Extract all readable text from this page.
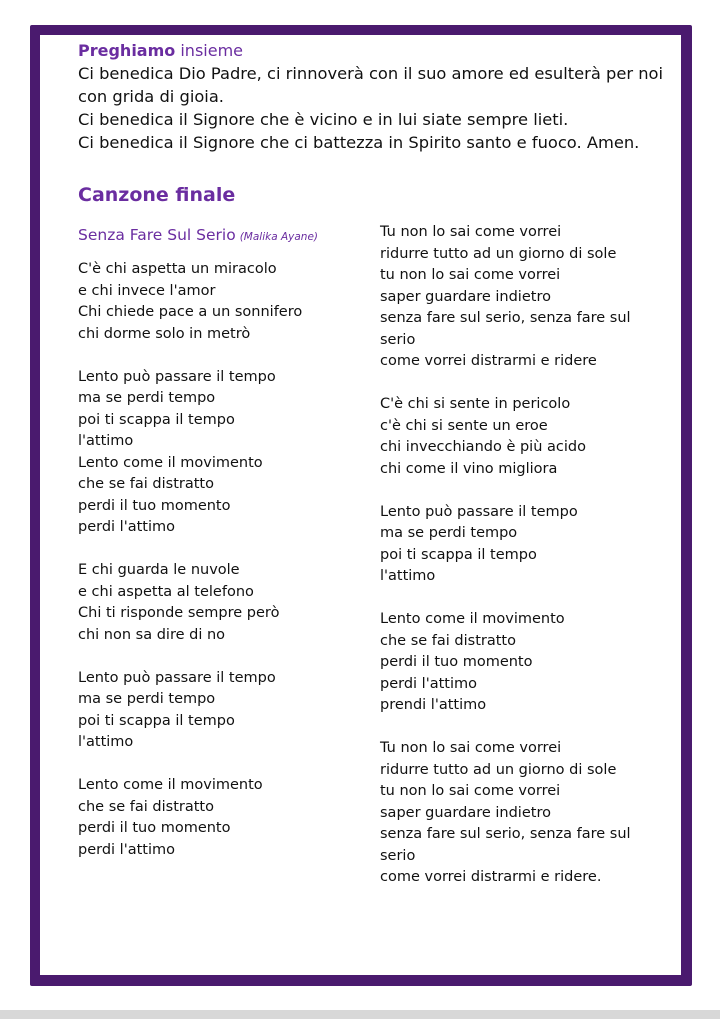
Preghiamo insieme

Ci benedica Dio Padre, ci rinnoverà con il suo amore ed esulterà per noi

con grida di gioia.

Ci benedica il Signore che è vicino e in lui siate sempre lieti.

Ci benedica il Signore che ci battezza in Spirito santo e fuoco. Amen.

Canzone finale
Senza Fare Sul Serio (Malika Ayane)
C'è chi aspetta un miracolo
e chi invece l'amor
Chi chiede pace a un sonnifero
chi dorme solo in metrò
Lento può passare il tempo
ma se perdi tempo
poi ti scappa il tempo
l'attimo
Lento come il movimento
che se fai distratto
perdi il tuo momento
perdi l'attimo
E chi guarda le nuvole
e chi aspetta al telefono
Chi ti risponde sempre però
chi non sa dire di no
Lento può passare il tempo
ma se perdi tempo
poi ti scappa il tempo
l'attimo
Lento come il movimento
che se fai distratto
perdi il tuo momento
perdi l'attimo
Tu non lo sai come vorrei
ridurre tutto ad un giorno di sole
tu non lo sai come vorrei
saper guardare indietro
senza fare sul serio, senza fare sul
serio
come vorrei distrarmi e ridere
C'è chi si sente in pericolo
c'è chi si sente un eroe
chi invecchiando è più acido
chi come il vino migliora
Lento può passare il tempo
ma se perdi tempo
poi ti scappa il tempo
l'attimo
Lento come il movimento
che se fai distratto
perdi il tuo momento
perdi l'attimo
prendi l'attimo
Tu non lo sai come vorrei
ridurre tutto ad un giorno di sole
tu non lo sai come vorrei
saper guardare indietro
senza fare sul serio, senza fare sul
serio
come vorrei distrarmi e ridere.
